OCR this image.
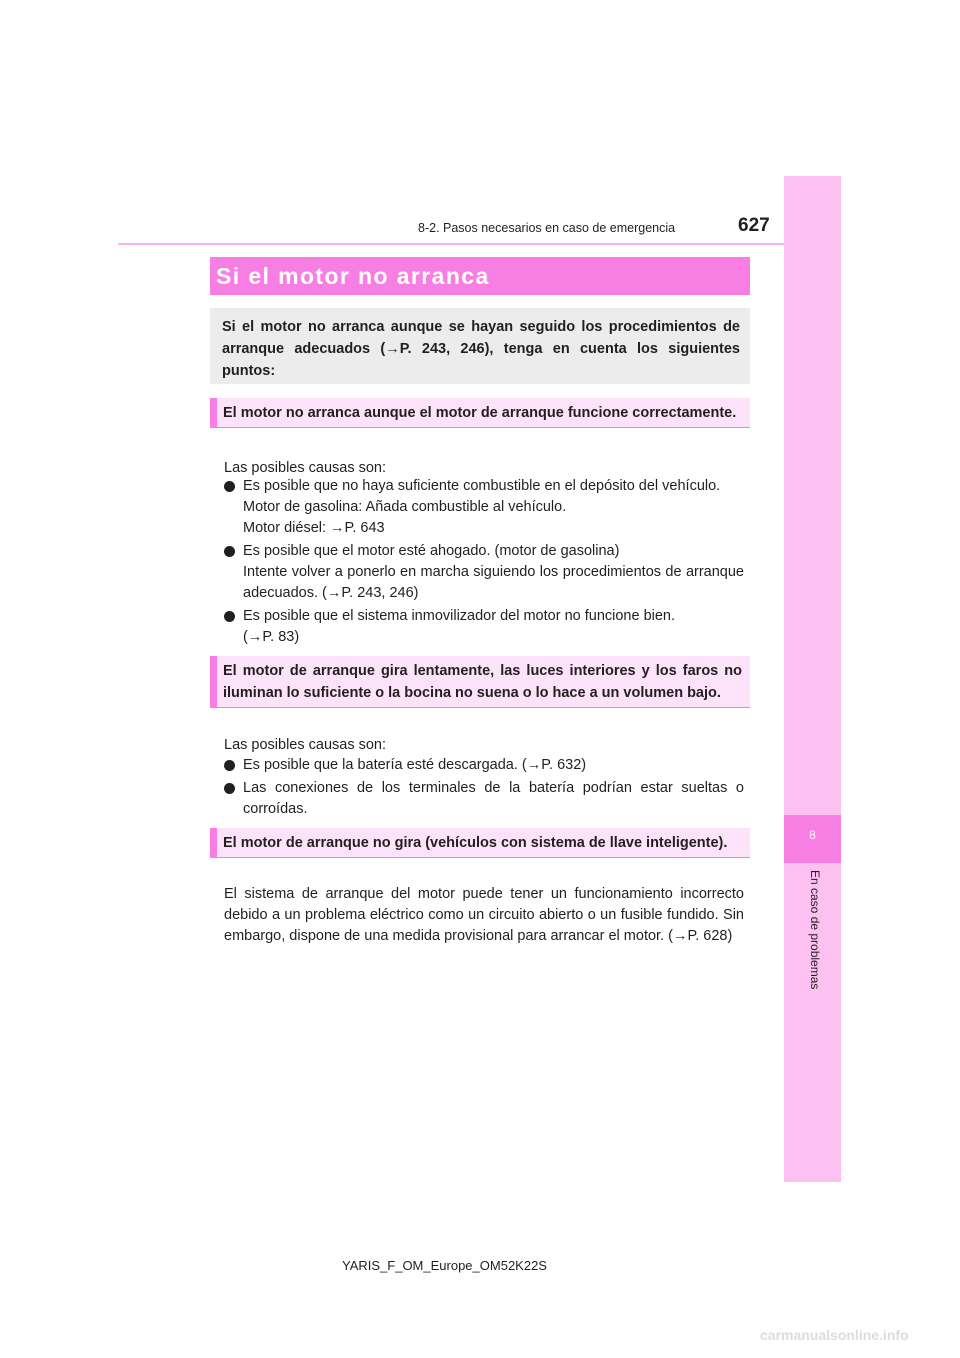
8-2. Pasos necesarios en caso de emergencia	627
8
En caso de problemas
Si el motor no arranca
Si el motor no arranca aunque se hayan seguido los procedimientos de arranque adecuados (→P. 243, 246), tenga en cuenta los siguientes puntos:
El motor no arranca aunque el motor de arranque funcione correctamente.
Las posibles causas son:
Es posible que no haya suficiente combustible en el depósito del vehículo.
Motor de gasolina: Añada combustible al vehículo.
Motor diésel: →P. 643
Es posible que el motor esté ahogado. (motor de gasolina)
Intente volver a ponerlo en marcha siguiendo los procedimientos de arranque adecuados. (→P. 243, 246)
Es posible que el sistema inmovilizador del motor no funcione bien.
(→P. 83)
El motor de arranque gira lentamente, las luces interiores y los faros no iluminan lo suficiente o la bocina no suena o lo hace a un volumen bajo.
Las posibles causas son:
Es posible que la batería esté descargada. (→P. 632)
Las conexiones de los terminales de la batería podrían estar sueltas o corroídas.
El motor de arranque no gira (vehículos con sistema de llave inteligente).
El sistema de arranque del motor puede tener un funcionamiento incorrecto debido a un problema eléctrico como un circuito abierto o un fusible fundido. Sin embargo, dispone de una medida provisional para arrancar el motor. (→P. 628)
YARIS_F_OM_Europe_OM52K22S
carmanualsonline.info
